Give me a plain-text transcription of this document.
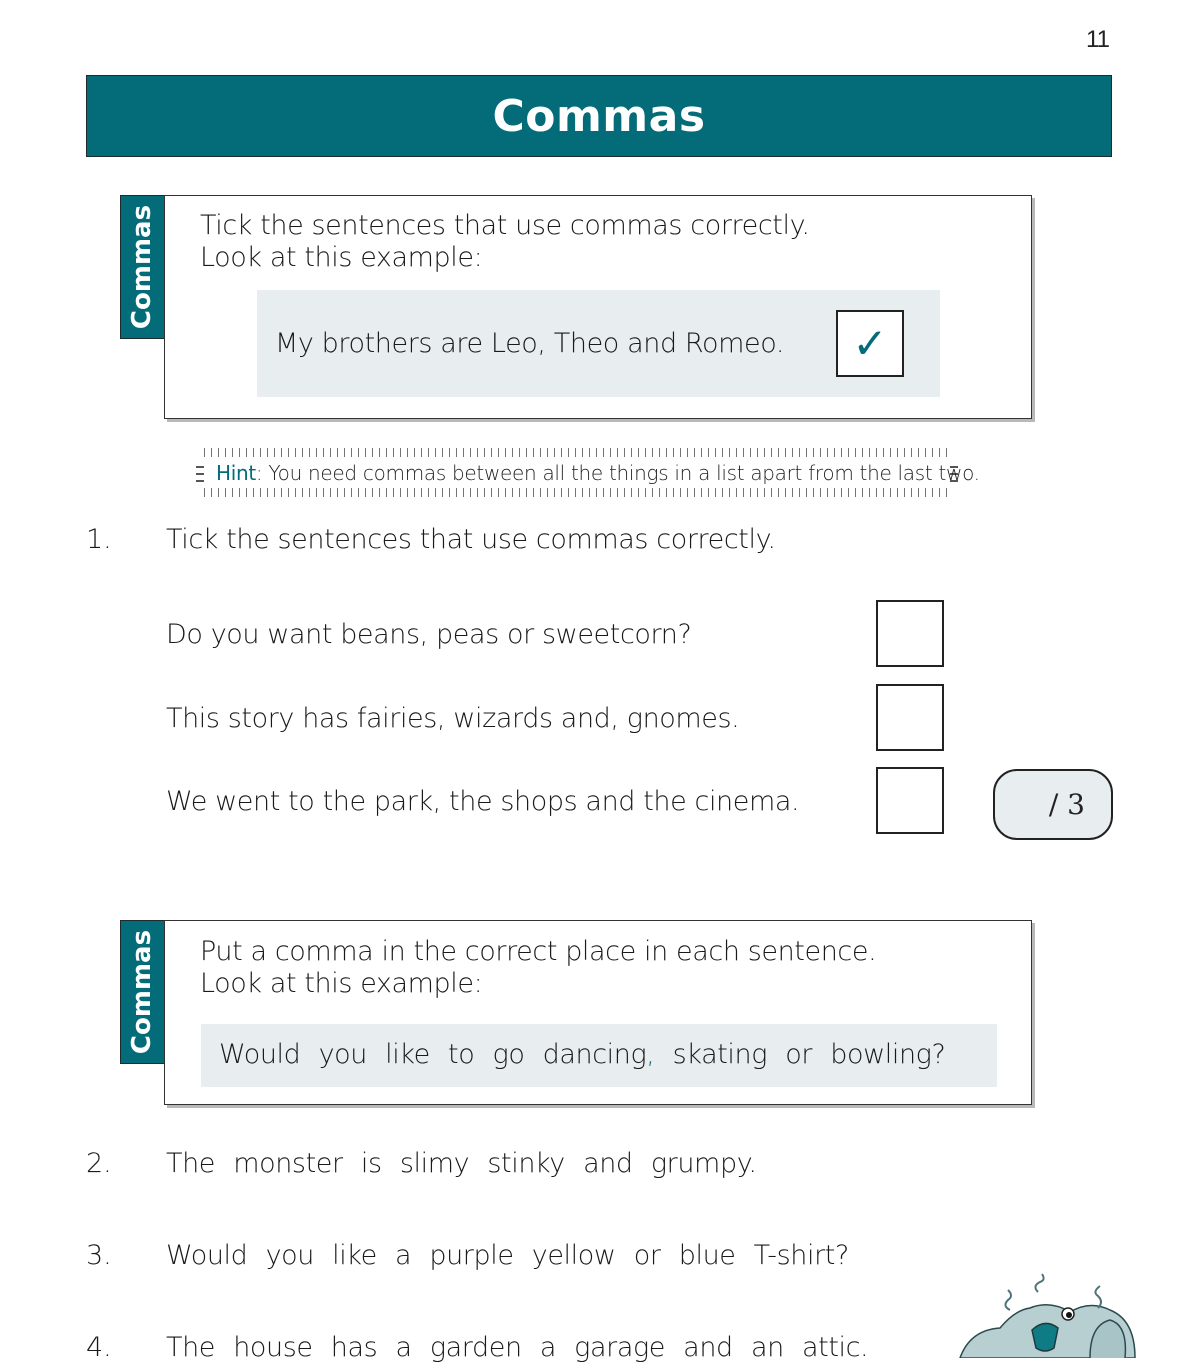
11
Commas
Commas Tick the sentences that use commas correctly.
Look at this example:
My brothers are Leo, Theo and Romeo. ✓
Hint: You need commas between all the things in a list apart from the last two.
1. Tick the sentences that use commas correctly.
Do you want beans, peas or sweetcorn?
This story has fairies, wizards and, gnomes.
We went to the park, the shops and the cinema.	/ 3
Commas Put a comma in the correct place in each sentence.
Look at this example:
Would you like to go dancing, skating or bowling?
2. The monster is slimy stinky and grumpy.
3. Would you like a purple yellow or blue T-shirt?
4. The house has a garden a garage and an attic.
